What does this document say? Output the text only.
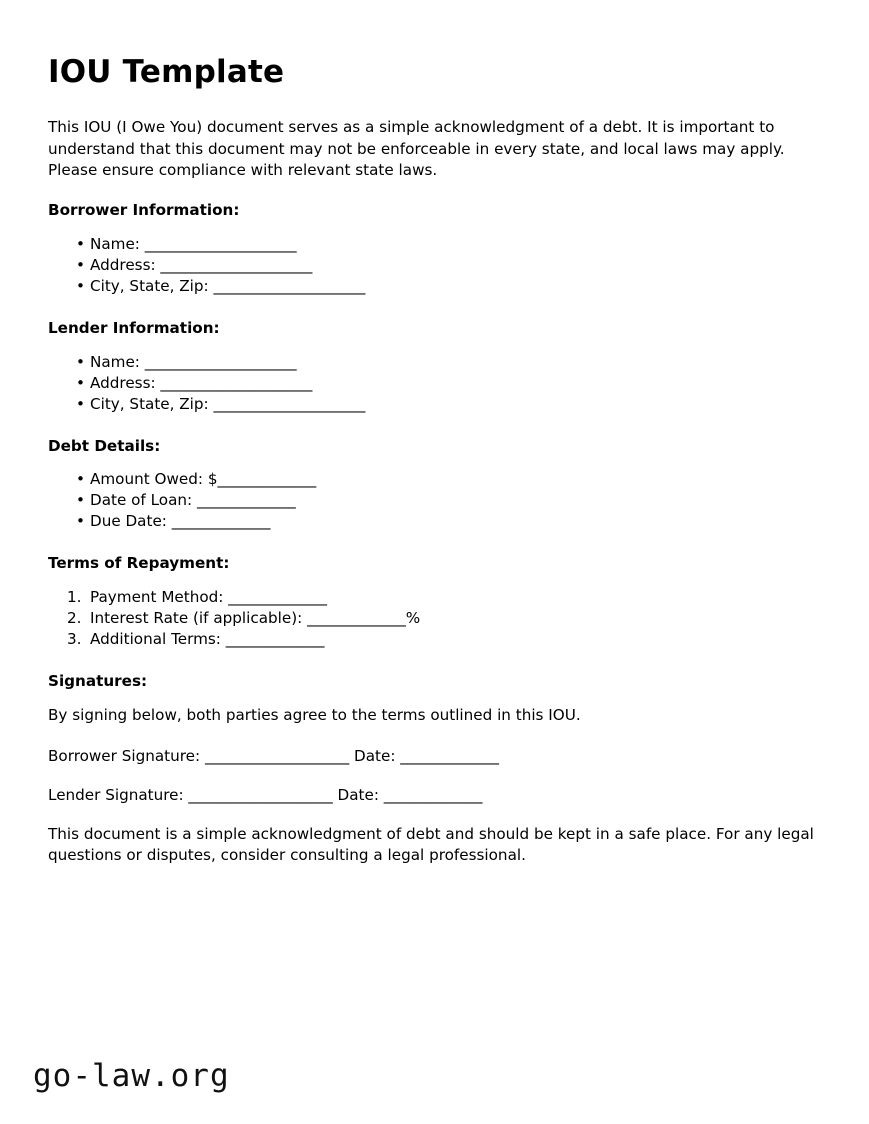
IOU Template

This IOU (I Owe You) document serves as a simple acknowledgment of a debt. It is important to understand that this document may not be enforceable in every state, and local laws may apply. Please ensure compliance with relevant state laws.

Borrower Information:
• Name: ____________________
• Address: ____________________
• City, State, Zip: ____________________
Lender Information:
• Name: ____________________
• Address: ____________________
• City, State, Zip: ____________________
Debt Details:
• Amount Owed: $_____________
• Date of Loan: _____________
• Due Date: _____________
Terms of Repayment:
Payment Method: _____________
Interest Rate (if applicable): _____________%
Additional Terms: _____________
Signatures:

By signing below, both parties agree to the terms outlined in this IOU.

Borrower Signature: ___________________ Date: _____________

Lender Signature: ___________________ Date: _____________

This document is a simple acknowledgment of debt and should be kept in a safe place. For any legal questions or disputes, consider consulting a legal professional.

go-law.org
